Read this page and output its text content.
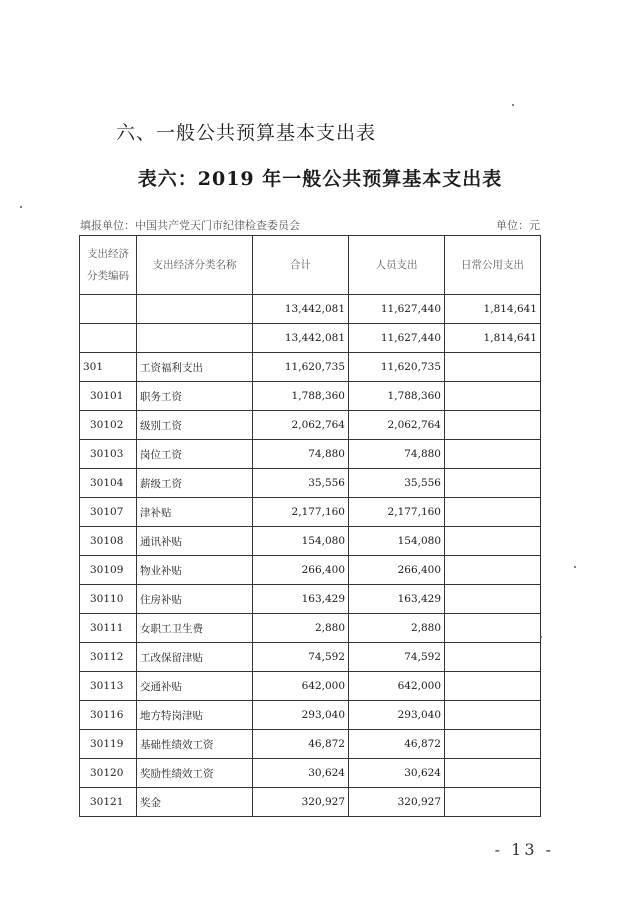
六、一般公共预算基本支出表
表六：2019 年一般公共预算基本支出表
填报单位：中国共产党天门市纪律检查委员会	单位：元
支出经济分类编码	支出经济分类名称	合计	人员支出	日常公用支出
		13,442,081	11,627,440	1,814,641
		13,442,081	11,627,440	1,814,641
301	工资福利支出	11,620,735	11,620,735	
30101	职务工资	1,788,360	1,788,360	
30102	级别工资	2,062,764	2,062,764	
30103	岗位工资	74,880	74,880	
30104	薪级工资	35,556	35,556	
30107	津补贴	2,177,160	2,177,160	
30108	通讯补贴	154,080	154,080	
30109	物业补贴	266,400	266,400	
30110	住房补贴	163,429	163,429	
30111	女职工卫生费	2,880	2,880	
30112	工改保留津贴	74,592	74,592	
30113	交通补贴	642,000	642,000	
30116	地方特岗津贴	293,040	293,040	
30119	基础性绩效工资	46,872	46,872	
30120	奖励性绩效工资	30,624	30,624	
30121	奖金	320,927	320,927	
- 13 -
